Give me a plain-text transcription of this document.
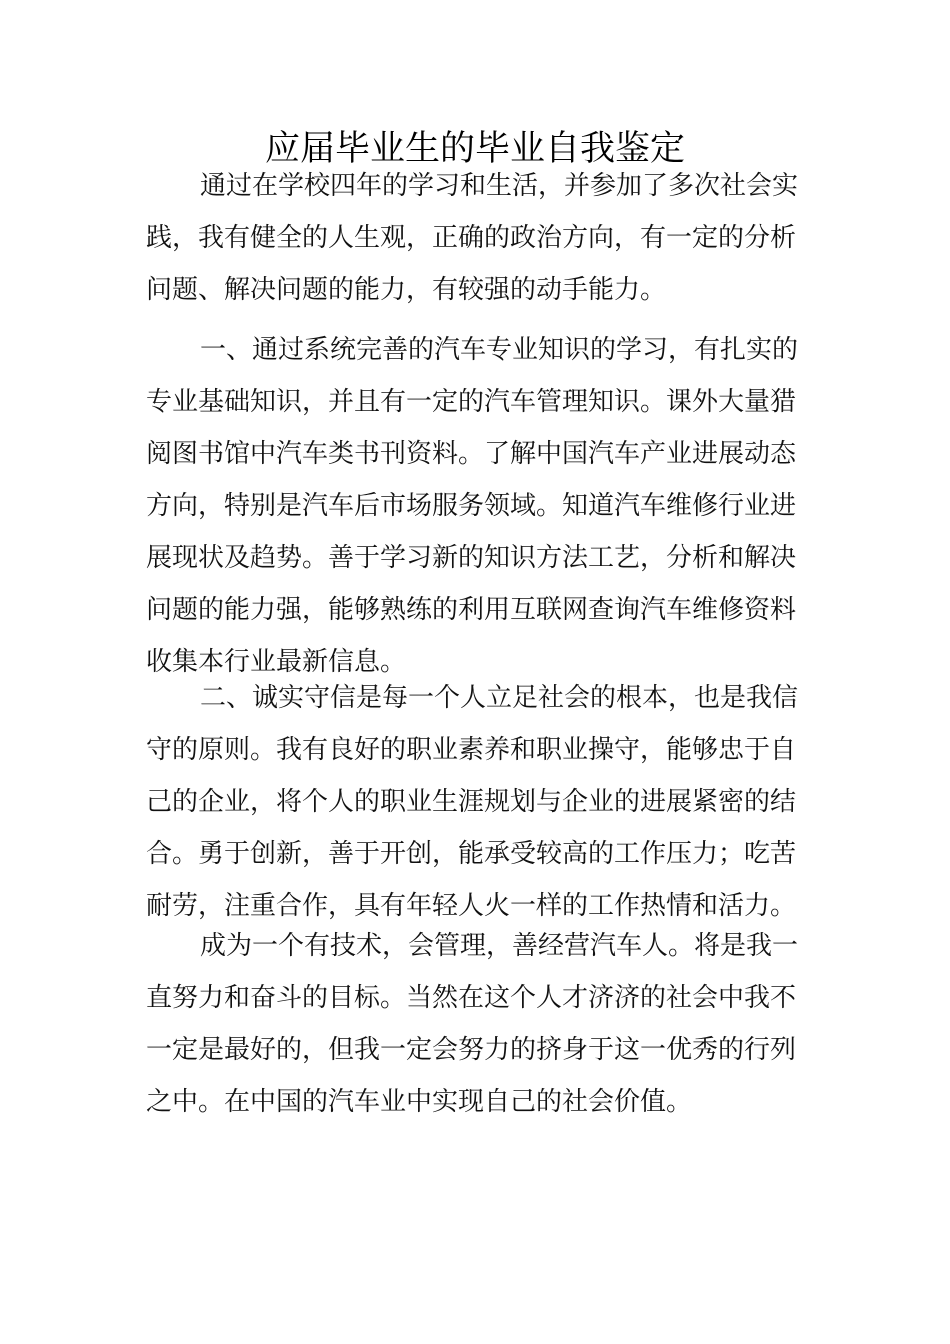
应届毕业生的毕业自我鉴定
通过在学校四年的学习和生活，并参加了多次社会实
践，我有健全的人生观，正确的政治方向，有一定的分析
问题、解决问题的能力，有较强的动手能力。
一、通过系统完善的汽车专业知识的学习，有扎实的
专业基础知识，并且有一定的汽车管理知识。课外大量猎
阅图书馆中汽车类书刊资料。了解中国汽车产业进展动态
方向，特别是汽车后市场服务领域。知道汽车维修行业进
展现状及趋势。善于学习新的知识方法工艺，分析和解决
问题的能力强，能够熟练的利用互联网查询汽车维修资料
收集本行业最新信息。
二、诚实守信是每一个人立足社会的根本，也是我信
守的原则。我有良好的职业素养和职业操守，能够忠于自
己的企业，将个人的职业生涯规划与企业的进展紧密的结
合。勇于创新，善于开创，能承受较高的工作压力；吃苦
耐劳，注重合作，具有年轻人火一样的工作热情和活力。
成为一个有技术，会管理，善经营汽车人。将是我一
直努力和奋斗的目标。当然在这个人才济济的社会中我不
一定是最好的，但我一定会努力的挤身于这一优秀的行列
之中。在中国的汽车业中实现自己的社会价值。
